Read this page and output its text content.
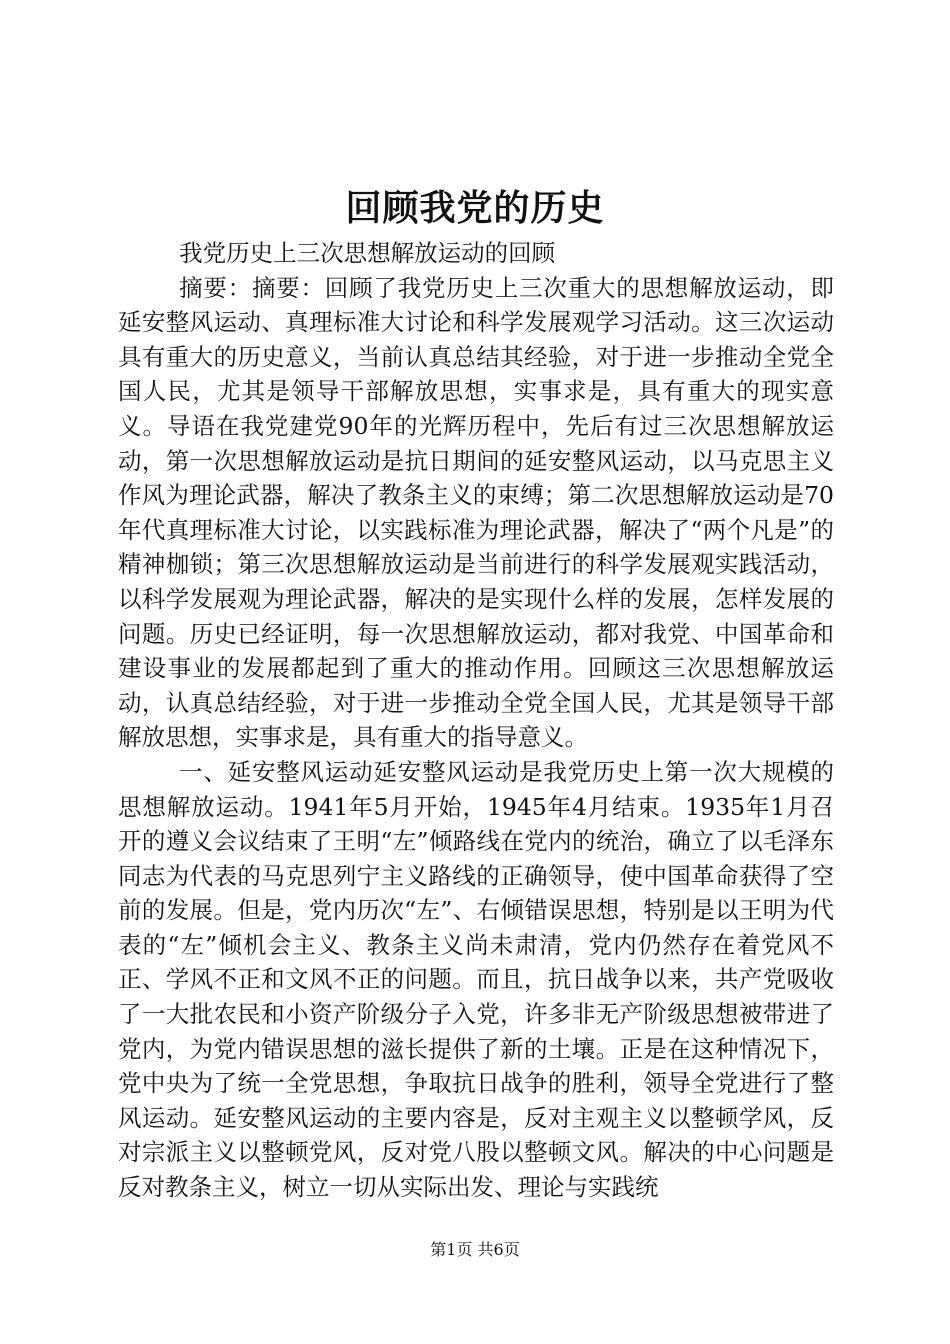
回顾我党的历史

我党历史上三次思想解放运动的回顾

摘要：摘要：回顾了我党历史上三次重大的思想解放运动，即延安整风运动、真理标准大讨论和科学发展观学习活动。这三次运动具有重大的历史意义，当前认真总结其经验，对于进一步推动全党全国人民，尤其是领导干部解放思想，实事求是，具有重大的现实意义。导语在我党建党90年的光辉历程中，先后有过三次思想解放运动，第一次思想解放运动是抗日期间的延安整风运动，以马克思主义作风为理论武器，解决了教条主义的束缚；第二次思想解放运动是70年代真理标准大讨论，以实践标准为理论武器，解决了“两个凡是”的精神枷锁；第三次思想解放运动是当前进行的科学发展观实践活动，以科学发展观为理论武器，解决的是实现什么样的发展，怎样发展的问题。历史已经证明，每一次思想解放运动，都对我党、中国革命和建设事业的发展都起到了重大的推动作用。回顾这三次思想解放运动，认真总结经验，对于进一步推动全党全国人民，尤其是领导干部解放思想，实事求是，具有重大的指导意义。

一、延安整风运动延安整风运动是我党历史上第一次大规模的思想解放运动。1941年5月开始，1945年4月结束。1935年1月召开的遵义会议结束了王明“左”倾路线在党内的统治，确立了以毛泽东同志为代表的马克思列宁主义路线的正确领导，使中国革命获得了空前的发展。但是，党内历次“左”、右倾错误思想，特别是以王明为代表的“左”倾机会主义、教条主义尚未肃清，党内仍然存在着党风不正、学风不正和文风不正的问题。而且，抗日战争以来，共产党吸收了一大批农民和小资产阶级分子入党，许多非无产阶级思想被带进了党内，为党内错误思想的滋长提供了新的土壤。正是在这种情况下，党中央为了统一全党思想，争取抗日战争的胜利，领导全党进行了整风运动。延安整风运动的主要内容是，反对主观主义以整顿学风，反对宗派主义以整顿党风，反对党八股以整顿文风。解决的中心问题是反对教条主义，树立一切从实际出发、理论与实践统

第1页 共6页
